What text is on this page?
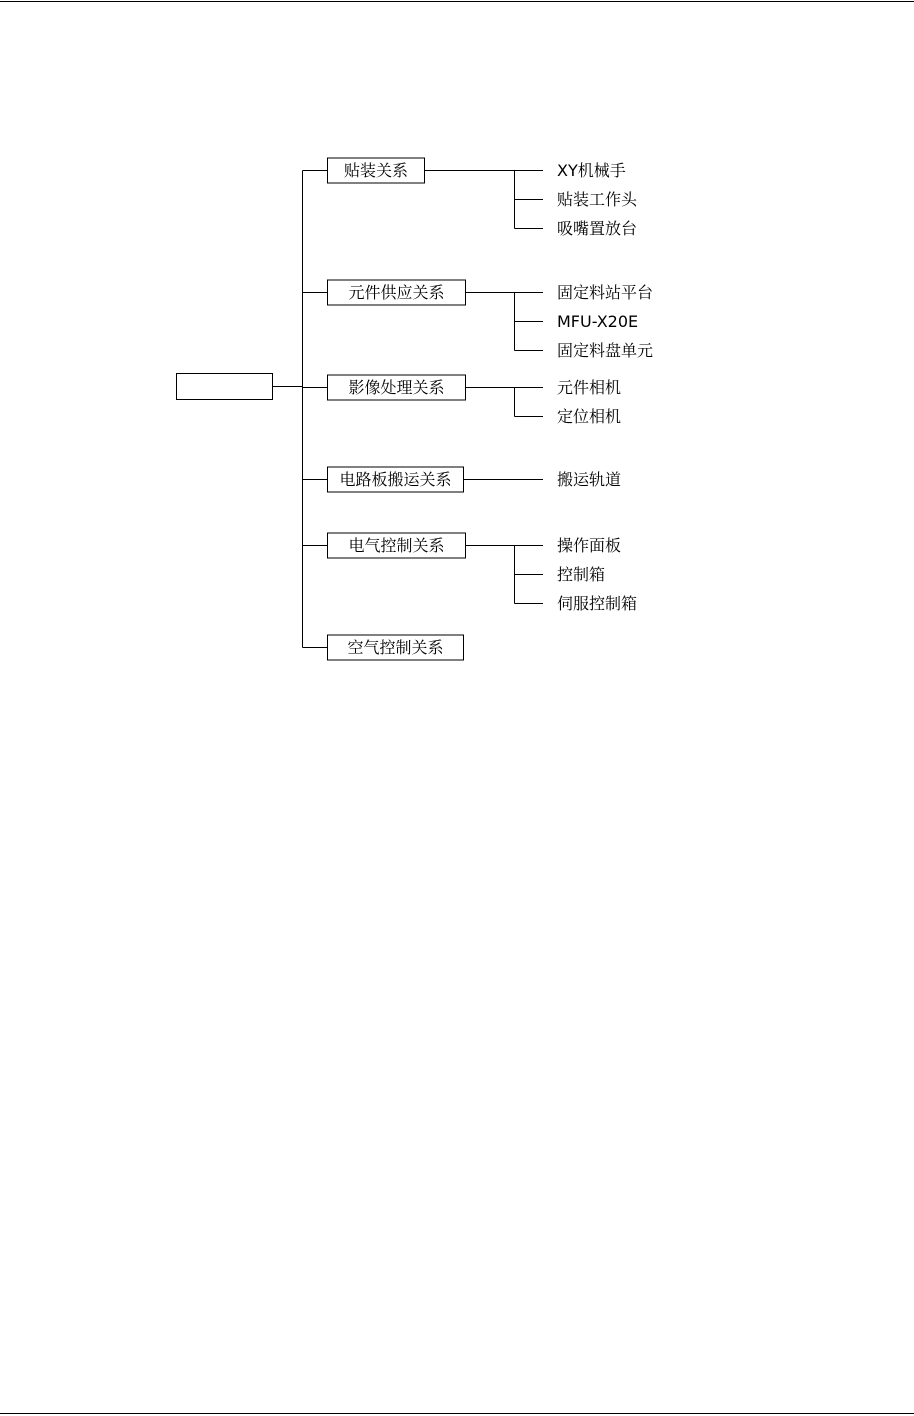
贴装关系	XY机械手
贴装工作头
吸嘴置放台
元件供应关系	固定料站平台
MFU-X20E
固定料盘单元
影像处理关系	元件相机
定位相机
电路板搬运关系	搬运轨道
电气控制关系	操作面板
控制箱
伺服控制箱
空气控制关系
